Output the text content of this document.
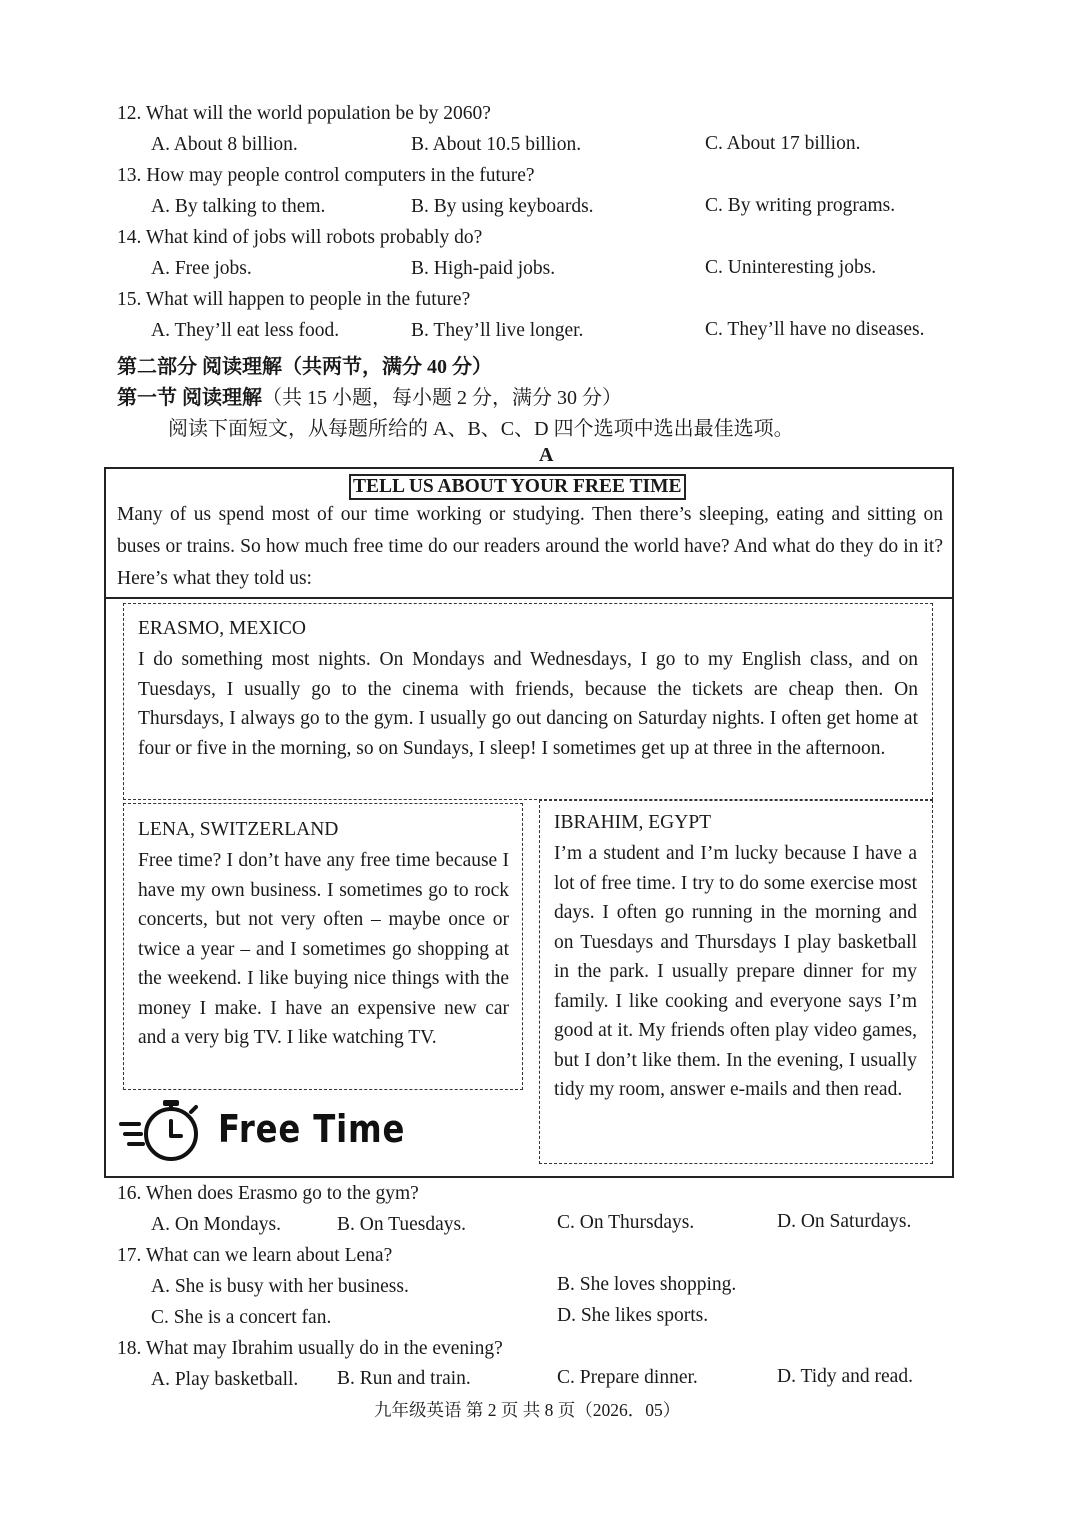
12. What will the world population be by 2060?
A. About 8 billion.	B. About 10.5 billion.	C. About 17 billion.
13. How may people control computers in the future?
A. By talking to them.	B. By using keyboards.	C. By writing programs.
14. What kind of jobs will robots probably do?
A. Free jobs.	B. High-paid jobs.	C. Uninteresting jobs.
15. What will happen to people in the future?
A. They’ll eat less food.	B. They’ll live longer.	C. They’ll have no diseases.
第二部分 阅读理解（共两节，满分 40 分）
第一节 阅读理解（共 15 小题，每小题 2 分，满分 30 分）
阅读下面短文，从每题所给的 A、B、C、D 四个选项中选出最佳选项。
A
TELL US ABOUT YOUR FREE TIME
Many of us spend most of our time working or studying. Then there’s sleeping, eating and sitting on buses or trains. So how much free time do our readers around the world have? And what do they do in it? Here’s what they told us:
ERASMO, MEXICO
I do something most nights. On Mondays and Wednesdays, I go to my English class, and on Tuesdays, I usually go to the cinema with friends, because the tickets are cheap then. On Thursdays, I always go to the gym. I usually go out dancing on Saturday nights. I often get home at four or five in the morning, so on Sundays, I sleep! I sometimes get up at three in the afternoon.
LENA, SWITZERLAND
Free time? I don’t have any free time because I have my own business. I sometimes go to rock concerts, but not very often – maybe once or twice a year – and I sometimes go shopping at the weekend. I like buying nice things with the money I make. I have an expensive new car and a very big TV. I like watching TV.
IBRAHIM, EGYPT
I’m a student and I’m lucky because I have a lot of free time. I try to do some exercise most days. I often go running in the morning and on Tuesdays and Thursdays I play basketball in the park. I usually prepare dinner for my family. I like cooking and everyone says I’m good at it. My friends often play video games, but I don’t like them. In the evening, I usually tidy my room, answer e-mails and then read.
Free Time
16. When does Erasmo go to the gym?
A. On Mondays.	B. On Tuesdays.	C. On Thursdays.	D. On Saturdays.
17. What can we learn about Lena?
A. She is busy with her business.	B. She loves shopping.
C. She is a concert fan.	D. She likes sports.
18. What may Ibrahim usually do in the evening?
A. Play basketball. B. Run and train.	C. Prepare dinner.	D. Tidy and read.
九年级英语 第 2 页 共 8 页（2026．05）
